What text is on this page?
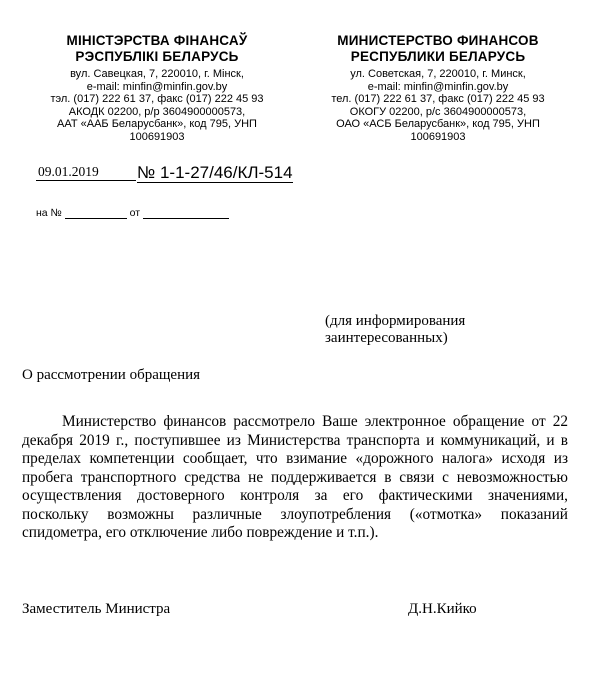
МІНІСТЭРСТВА ФІНАНСАЎ
РЭСПУБЛІКІ БЕЛАРУСЬ
вул. Савецкая, 7, 220010, г. Мінск,
e-mail: minfin@minfin.gov.by
тэл. (017) 222 61 37, факс (017) 222 45 93
АКОДК 02200, р/р 3604900000573,
ААТ «ААБ Беларусбанк», код 795, УНП
100691903
МИНИСТЕРСТВО ФИНАНСОВ
РЕСПУБЛИКИ БЕЛАРУСЬ
ул. Советская, 7, 220010, г. Минск,
e-mail: minfin@minfin.gov.by
тел. (017) 222 61 37, факс (017) 222 45 93
ОКОГУ 02200, р/с 3604900000573,
ОАО «АСБ Беларусбанк», код 795, УНП
100691903
09.01.2019	№ 1-1-27/46/КЛ-514
на №	от
(для информирования заинтересованных)
О рассмотрении обращения

Министерство финансов рассмотрело Ваше электронное обращение от 22 декабря 2019 г., поступившее из Министерства транспорта и коммуникаций, и в пределах компетенции сообщает, что взимание «дорожного налога» исходя из пробега транспортного средства не поддерживается в связи с невозможностью осуществления достоверного контроля за его фактическими значениями, поскольку возможны различные злоупотребления («отмотка» показаний спидометра, его отключение либо повреждение и т.п.).

Заместитель Министра	Д.Н.Кийко
